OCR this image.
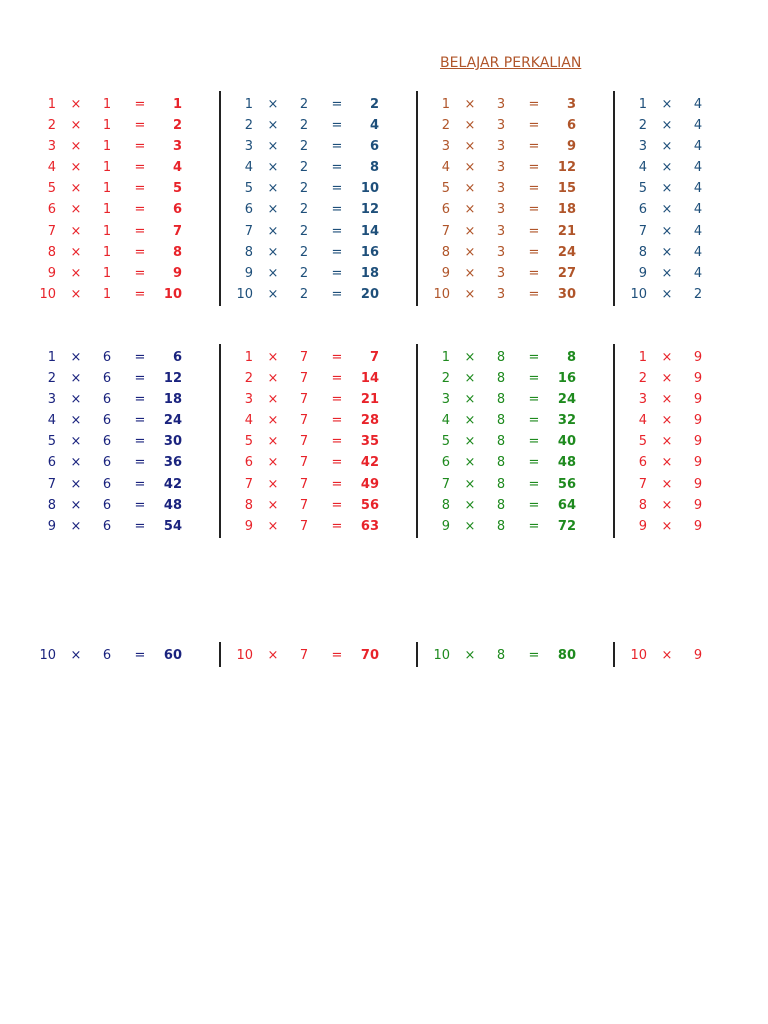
BELAJAR PERKALIAN
1 × 1 =	1
2 × 1 =	2
3 × 1 =	3
4 × 1 =	4
5 × 1 =	5
6 × 1 =	6
7 × 1 =	7
8 × 1 =	8
9 × 1 =	9
10 × 1 =	10
1 × 2 =	2
2 × 2 =	4
3 × 2 =	6
4 × 2 =	8
5 × 2 =	10
6 × 2 =	12
7 × 2 =	14
8 × 2 =	16
9 × 2 =	18
10 × 2 =	20
1 × 3 =	3
2 × 3 =	6
3 × 3 =	9
4 × 3 =	12
5 × 3 =	15
6 × 3 =	18
7 × 3 =	21
8 × 3 =	24
9 × 3 =	27
10 × 3 =	30
1 × 4
2 × 4
3 × 4
4 × 4
5 × 4
6 × 4
7 × 4
8 × 4
9 × 4
10 × 2
1 × 6 =	6
2 × 6 =	12
3 × 6 =	18
4 × 6 =	24
5 × 6 =	30
6 × 6 =	36
7 × 6 =	42
8 × 6 =	48
9 × 6 =	54
1 × 7 =	7
2 × 7 =	14
3 × 7 =	21
4 × 7 =	28
5 × 7 =	35
6 × 7 =	42
7 × 7 =	49
8 × 7 =	56
9 × 7 =	63
1 × 8 =	8
2 × 8 =	16
3 × 8 =	24
4 × 8 =	32
5 × 8 =	40
6 × 8 =	48
7 × 8 =	56
8 × 8 =	64
9 × 8 =	72
1 × 9
2 × 9
3 × 9
4 × 9
5 × 9
6 × 9
7 × 9
8 × 9
9 × 9
10 × 6 =	60	10 × 7 =	70	10 × 8 =	80	10 × 9
